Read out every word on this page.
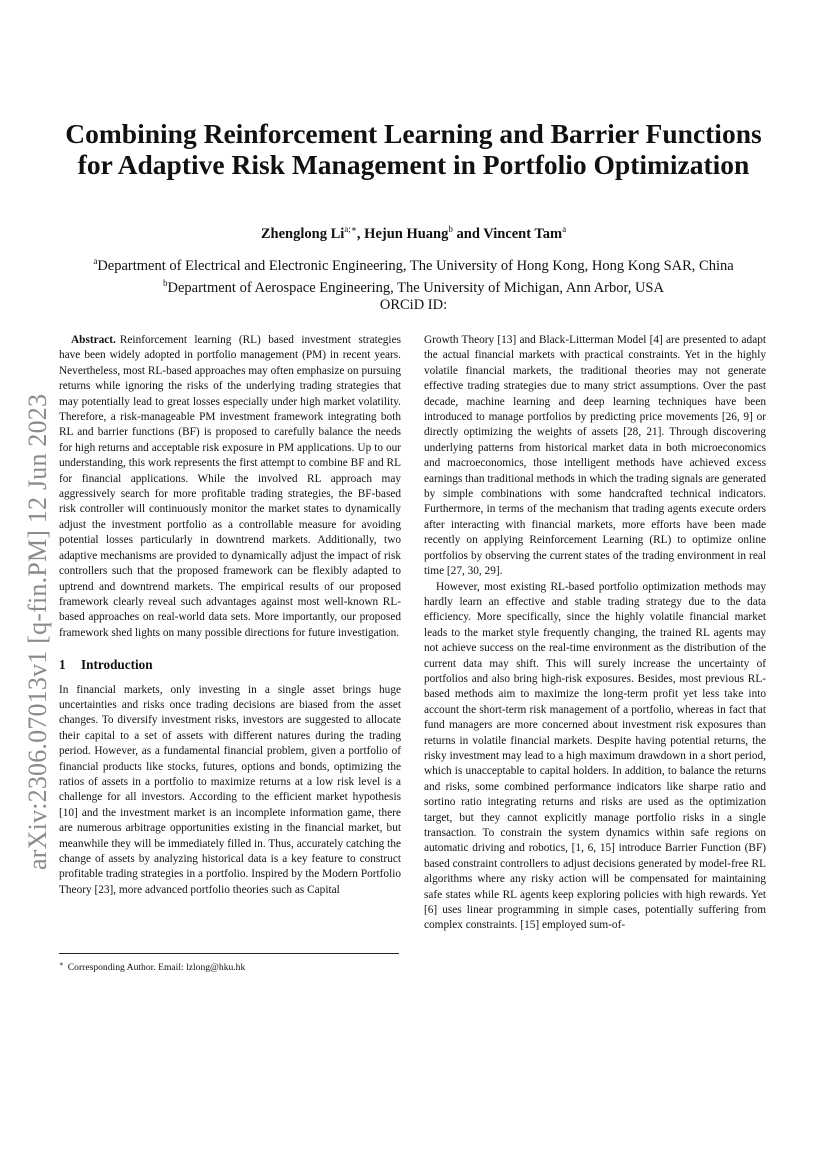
arXiv:2306.07013v1 [q-fin.PM] 12 Jun 2023
Combining Reinforcement Learning and Barrier Functions for Adaptive Risk Management in Portfolio Optimization
Zhenglong $Li^{a;∗}$, Hejun Huang$^b$ and Vincent Tam$^a$
$^a$Department of Electrical and Electronic Engineering, The University of Hong Kong, Hong Kong SAR, China
$^b$Department of Aerospace Engineering, The University of Michigan, Ann Arbor, USA
ORCiD ID:

Abstract. Reinforcement learning (RL) based investment strategies have been widely adopted in portfolio management (PM) in recent years. Nevertheless, most RL-based approaches may often emphasize on pursuing returns while ignoring the risks of the underlying trading strategies that may potentially lead to great losses especially under high market volatility. Therefore, a risk-manageable PM investment framework integrating both RL and barrier functions (BF) is proposed to carefully balance the needs for high returns and acceptable risk exposure in PM applications. Up to our understanding, this work represents the first attempt to combine BF and RL for financial applications. While the involved RL approach may aggressively search for more profitable trading strategies, the BF-based risk controller will continuously monitor the market states to dynamically adjust the investment portfolio as a controllable measure for avoiding potential losses particularly in downtrend markets. Additionally, two adaptive mechanisms are provided to dynamically adjust the impact of risk controllers such that the proposed framework can be flexibly adapted to uptrend and downtrend markets. The empirical results of our proposed framework clearly reveal such advantages against most well-known RL-based approaches on real-world data sets. More importantly, our proposed framework shed lights on many possible directions for future investigation.

1 Introduction

In financial markets, only investing in a single asset brings huge uncertainties and risks once trading decisions are biased from the asset changes. To diversify investment risks, investors are suggested to allocate their capital to a set of assets with different natures during the trading period. However, as a fundamental financial problem, given a portfolio of financial products like stocks, futures, options and bonds, optimizing the ratios of assets in a portfolio to maximize returns at a low risk level is a challenge for all investors. According to the efficient market hypothesis [10] and the investment market is an incomplete information game, there are numerous arbitrage opportunities existing in the financial market, but meanwhile they will be immediately filled in. Thus, accurately catching the change of assets by analyzing historical data is a key feature to construct profitable trading strategies in a portfolio. Inspired by the Modern Portfolio Theory [23], more advanced portfolio theories such as Capital

Growth Theory [13] and Black-Litterman Model [4] are presented to adapt the actual financial markets with practical constraints. Yet in the highly volatile financial markets, the traditional theories may not generate effective trading strategies due to many strict assumptions. Over the past decade, machine learning and deep learning techniques have been introduced to manage portfolios by predicting price movements [26, 9] or directly optimizing the weights of assets [28, 21]. Through discovering underlying patterns from historical market data in both microeconomics and macroeconomics, those intelligent methods have achieved excess earnings than traditional methods in which the trading signals are generated by simple combinations with some handcrafted technical indicators. Furthermore, in terms of the mechanism that trading agents execute orders after interacting with financial markets, more efforts have been made recently on applying Reinforcement Learning (RL) to optimize online portfolios by observing the current states of the trading environment in real time [27, 30, 29].

However, most existing RL-based portfolio optimization methods may hardly learn an effective and stable trading strategy due to the data efficiency. More specifically, since the highly volatile financial market leads to the market style frequently changing, the trained RL agents may not achieve success on the real-time environment as the distribution of the current data may shift. This will surely increase the uncertainty of portfolios and also bring high-risk exposures. Besides, most previous RL-based methods aim to maximize the long-term profit yet less take into account the short-term risk management of a portfolio, whereas in fact that fund managers are more concerned about investment risk exposures than returns in volatile financial markets. Despite having potential returns, the risky investment may lead to a high maximum drawdown in a short period, which is unacceptable to capital holders. In addition, to balance the returns and risks, some combined performance indicators like sharpe ratio and sortino ratio integrating returns and risks are used as the optimization target, but they cannot explicitly manage portfolio risks in a single transaction. To constrain the system dynamics within safe regions on automatic driving and robotics, [1, 6, 15] introduce Barrier Function (BF) based constraint controllers to adjust decisions generated by model-free RL algorithms where any risky action will be compensated for maintaining safe states while RL agents keep exploring policies with high rewards. Yet [6] uses linear programming in simple cases, potentially suffering from complex constraints. [15] employed sum-of-

∗ Corresponding Author. Email: lzlong@hku.hk
